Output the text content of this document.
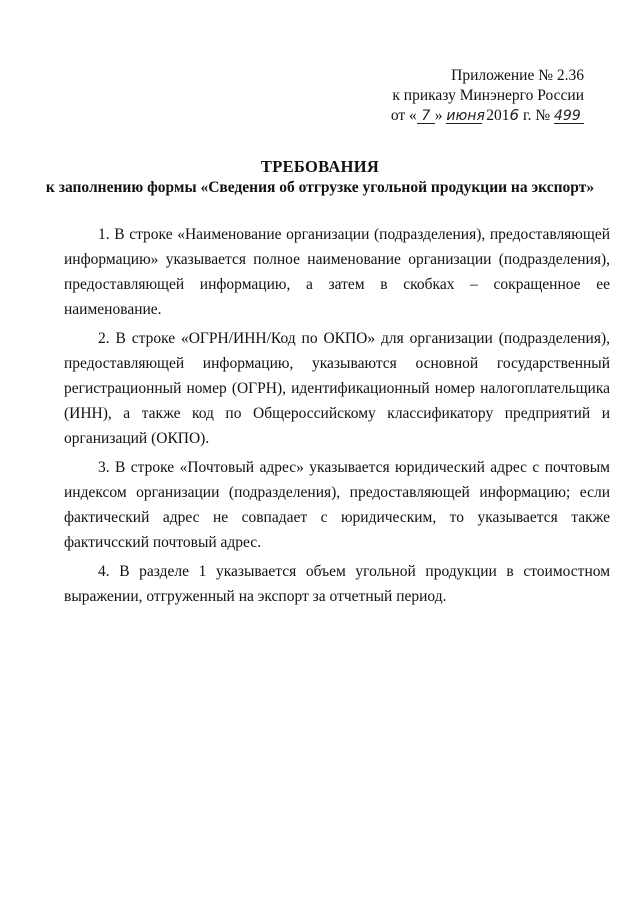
Приложение № 2.36
к приказу Минэнерго России
от « 7 » июня 2016 г. № 499
ТРЕБОВАНИЯ
к заполнению формы «Сведения об отгрузке угольной продукции на экспорт»

1. В строке «Наименование организации (подразделения), предоставляющей информацию» указывается полное наименование организации (подразделения), предоставляющей информацию, а затем в скобках – сокращенное ее наименование.

2. В строке «ОГРН/ИНН/Код по ОКПО» для организации (подразделения), предоставляющей информацию, указываются основной государственный регистрационный номер (ОГРН), идентификационный номер налогоплательщика (ИНН), а также код по Общероссийскому классификатору предприятий и организаций (ОКПО).

3. В строке «Почтовый адрес» указывается юридический адрес с почтовым индексом организации (подразделения), предоставляющей информацию; если фактический адрес не совпадает с юридическим, то указывается также фактичсский почтовый адрес.

4. В разделе 1 указывается объем угольной продукции в стоимостном выражении, отгруженный на экспорт за отчетный период.
